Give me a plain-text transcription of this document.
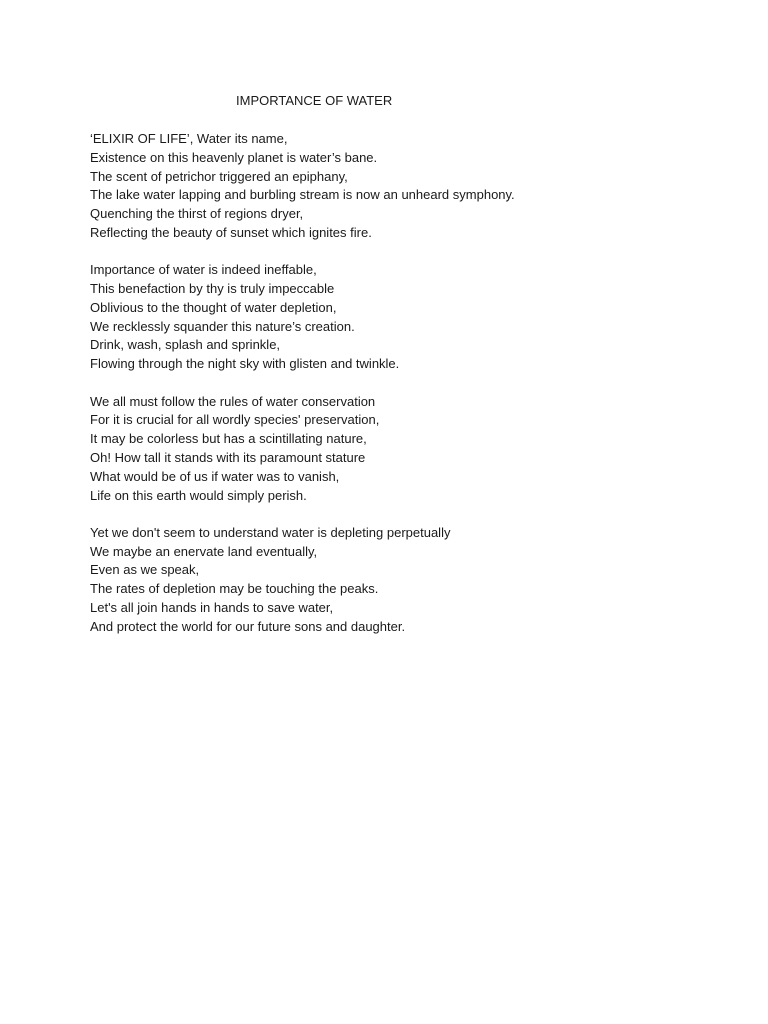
IMPORTANCE OF WATER
‘ELIXIR OF LIFE’, Water its name,
Existence on this heavenly planet is water’s bane.
The scent of petrichor triggered an epiphany,
The lake water lapping and burbling stream is now an unheard symphony.
Quenching the thirst of regions dryer,
Reflecting the beauty of sunset which ignites fire.
Importance of water is indeed ineffable,
This benefaction by thy is truly impeccable
Oblivious to the thought of water depletion,
We recklessly squander this nature’s creation.
Drink, wash, splash and sprinkle,
Flowing through the night sky with glisten and twinkle.
We all must follow the rules of water conservation
For it is crucial for all wordly species' preservation,
It may be colorless but has a scintillating nature,
Oh! How tall it stands with its paramount stature
What would be of us if water was to vanish,
Life on this earth would simply perish.
Yet we don't seem to understand water is depleting perpetually
We maybe an enervate land eventually,
Even as we speak,
The rates of depletion may be touching the peaks.
Let's all join hands in hands to save water,
And protect the world for our future sons and daughter.
